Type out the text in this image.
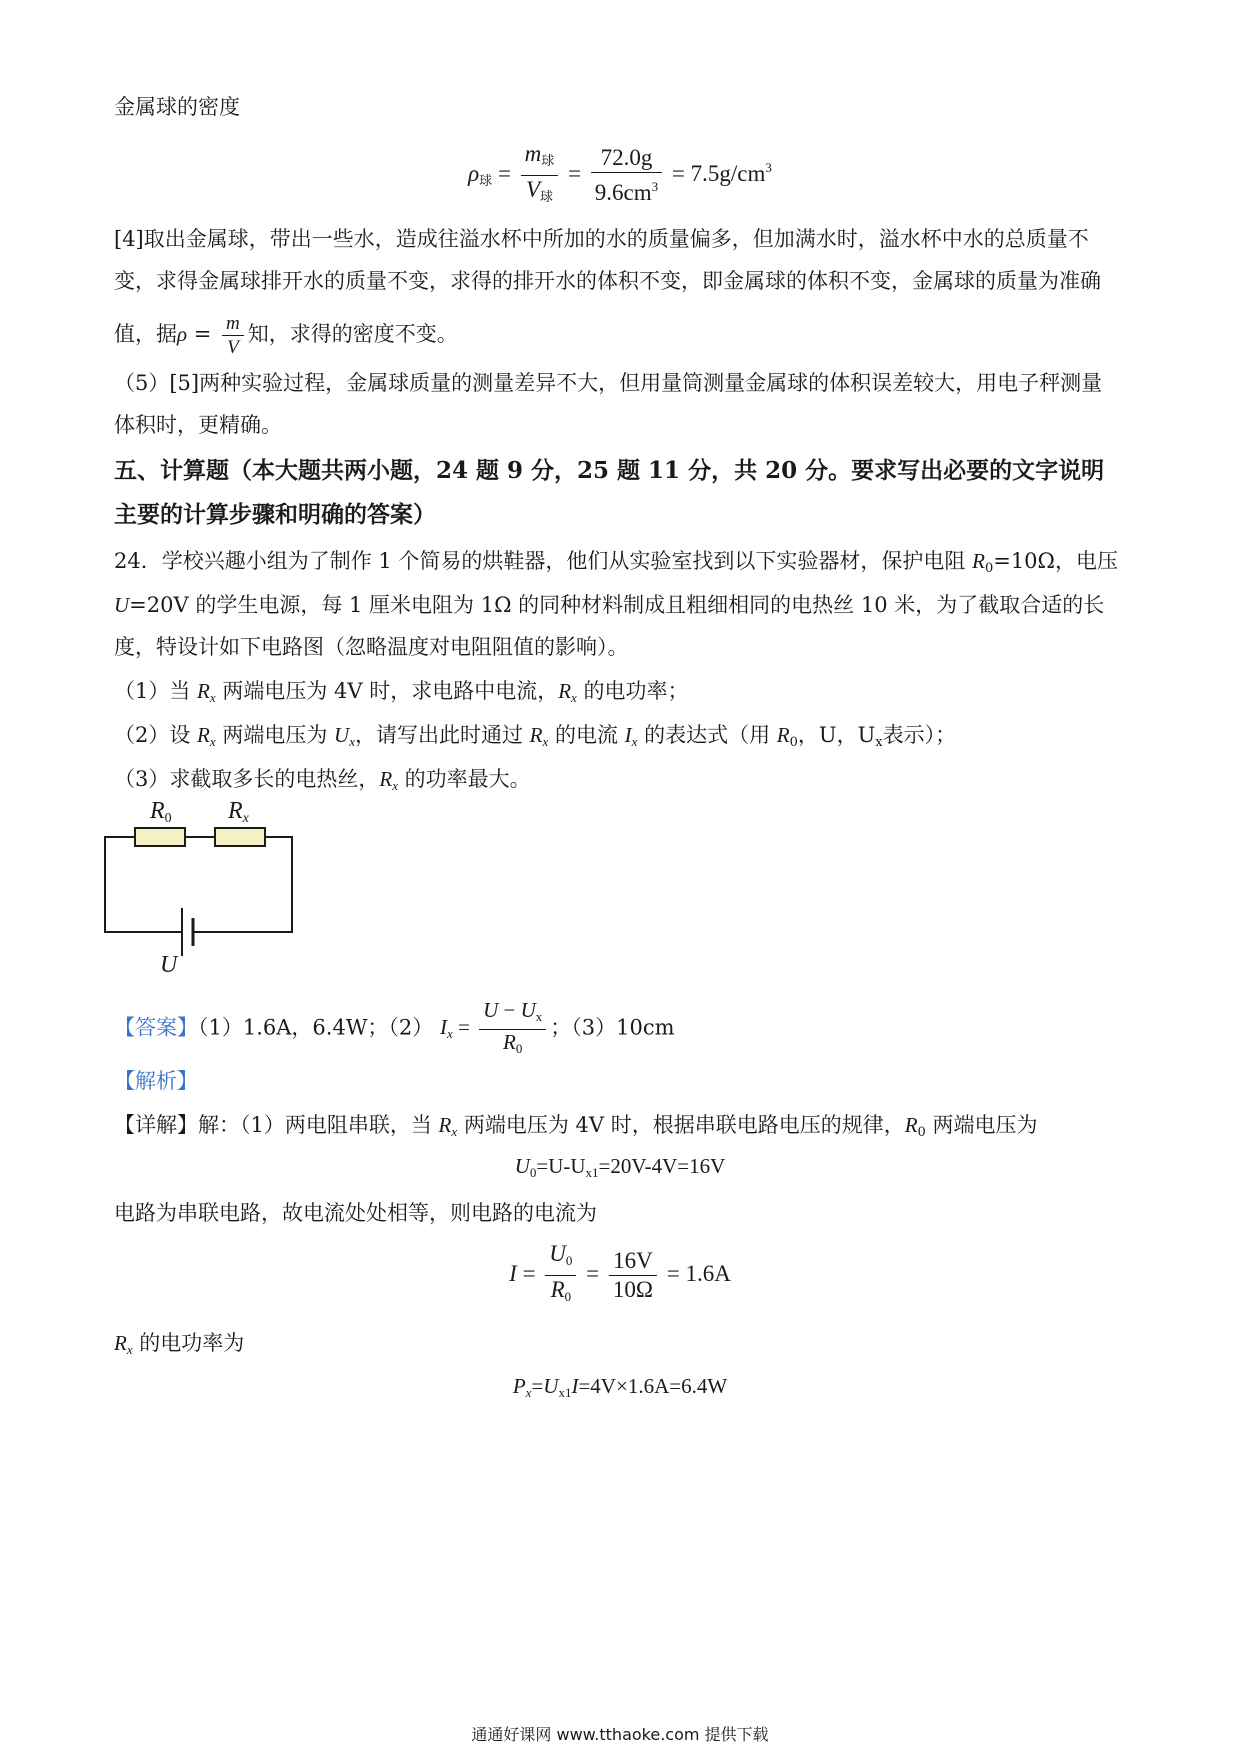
金属球的密度
$\rho_球 = \frac{m_球}{V_球} = \frac{72.0g}{9.6cm^3} = 7.5g/cm^3$
[4]取出金属球，带出一些水，造成往溢水杯中所加的水的质量偏多，但加满水时，溢水杯中水的总质量不
变，求得金属球排开水的质量不变，求得的排开水的体积不变，即金属球的体积不变，金属球的质量为准确
值，据$\rho = \frac{m}{V}$ 知，求得的密度不变。
（5）[5]两种实验过程，金属球质量的测量差异不大，但用量筒测量金属球的体积误差较大，用电子秤测量
体积时，更精确。
五、计算题（本大题共两小题，24 题 9 分，25 题 11 分，共 20 分。要求写出必要的文字说明
主要的计算步骤和明确的答案）
24．学校兴趣小组为了制作 1 个简易的烘鞋器，他们从实验室找到以下实验器材，保护电阻 $R_0=10\Omega$，电压
U=20V 的学生电源，每 1 厘米电阻为 1Ω 的同种材料制成且粗细相同的电热丝 10 米，为了截取合适的长
度，特设计如下电路图（忽略温度对电阻阻值的影响）。
（1）当 $R_x$ 两端电压为 4V 时，求电路中电流，$R_x$ 的电功率；
（2）设 $R_x$ 两端电压为 $U_x$，请写出此时通过 $R_x$ 的电流 $I_x$ 的表达式（用 $R_0$，U，$U_x$表示）；
（3）求截取多长的电热丝，$R_x$ 的功率最大。
R0 Rx
U
【答案】（1）1.6A，6.4W；（2） $I_x = \frac{U - U_x}{R_0}$ ；（3）10cm
【解析】
【详解】解：（1）两电阻串联，当 $R_x$ 两端电压为 4V 时，根据串联电路电压的规律，$R_0$ 两端电压为
$U_0=U-U_{x1}=20V-4V=16V$
电路为串联电路，故电流处处相等，则电路的电流为
$I = \frac{U_0}{R_0} = \frac{16V}{10\Omega} = 1.6A$
$R_x$ 的电功率为
$P_x=U_{x1}I=4V\times 1.6A=6.4W$
通通好课网 www.tthaoke.com 提供下载
